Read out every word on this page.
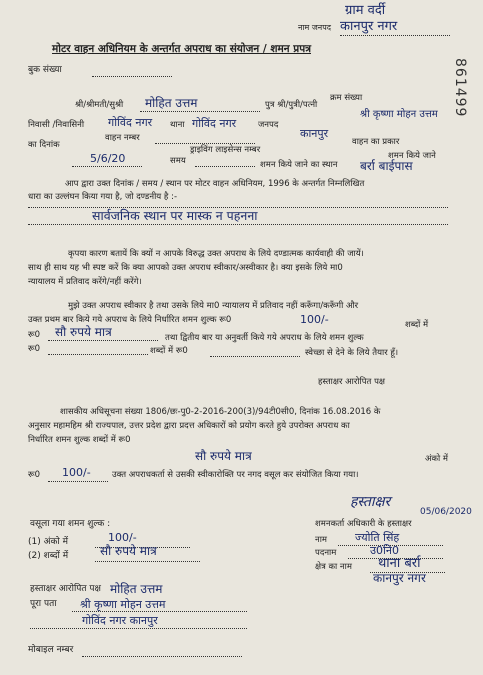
ग्राम वर्दी
नाम जनपद कानपुर नगर
मोटर वाहन अधिनियम के अन्तर्गत अपराध का संयोजन / शमन प्रपत्र
बुक संख्या	861499
क्रम संख्या
श्री/श्रीमती/सुश्री मोहित उत्तम	पुत्र श्री/पुत्री/पत्नी
श्री कृष्णा मोहन उत्तम
निवासी /निवासिनी गोविंद नगर थाना गोविंद नगर	जनपद
कानपुर
वाहन नम्बर	वाहन का प्रकार
का दिनांक	ड्राइविंग लाइसेन्स नम्बर
शमन किये जाने
5/6/20	समय	शमन किये जाने का स्थान बर्रा बाईपास
आप द्वारा उक्त दिनांक / समय / स्थान पर मोटर वाहन अधिनियम, 1996 के अन्तर्गत निम्नलिखित
धारा का उल्लंघन किया गया है, जो दण्डनीय है :-
सार्वजनिक स्थान पर मास्क न पहनना
कृपया कारण बतायें कि क्यों न आपके विरुद्ध उक्त अपराध के लिये दण्डात्मक कार्यवाही की जायें।
साथ ही साथ यह भी स्पष्ट करें कि क्या आपको उक्त अपराध स्वीकार/अस्वीकार है। क्या इसके लिये मा0
न्यायालय में प्रतिवाद करेंगे/नहीं करेंगे।
मुझे उक्त अपराध स्वीकार है तथा उसके लिये मा0 न्यायालय में प्रतिवाद नहीं करूँगा/करूँगी और
उक्त प्रथम बार किये गये अपराध के लिये निर्धारित शमन शुल्क रू0	100/-	शब्दों में
रू0 सौ रुपये मात्र	तथा द्वितीय बार या अनुवर्ती किये गये अपराध के लिये शमन शुल्क
रू0	शब्दों में रू0	स्वेच्छा से देने के लिये तैयार हूँ।
हस्ताक्षर आरोपित पक्ष
शासकीय अधिसूचना संख्या 1806/छः-पु0-2-2016-200(3)/94टी0सी0, दिनांक 16.08.2016 के
अनुसार महामहिम श्री राज्यपाल, उत्तर प्रदेश द्वारा प्रदत्त अधिकारों को प्रयोग करते हुये उपरोक्त अपराध का
निर्धारित शमन शुल्क शब्दों में रू0
सौ रुपये मात्र	अंको में
रू0 100/-	उक्त अपराधकर्ता से उसकी स्वीकारोक्ति पर नगद वसूल कर संयोजित किया गया।
हस्ताक्षर
05/06/2020
शमनकर्ता अधिकारी के हस्ताक्षर
नाम	ज्योति सिंह
पदनाम	उ0नि0
क्षेत्र का नाम थाना बर्रा
कानपुर नगर
वसूला गया शमन शुल्क :
(1) अंको में	100/-
(2) शब्दों में	सौ रुपये मात्र
हस्ताक्षर आरोपित पक्ष मोहित उत्तम
पूरा पता श्री कृष्णा मोहन उत्तम
गोविंद नगर कानपुर
मोबाइल नम्बर
